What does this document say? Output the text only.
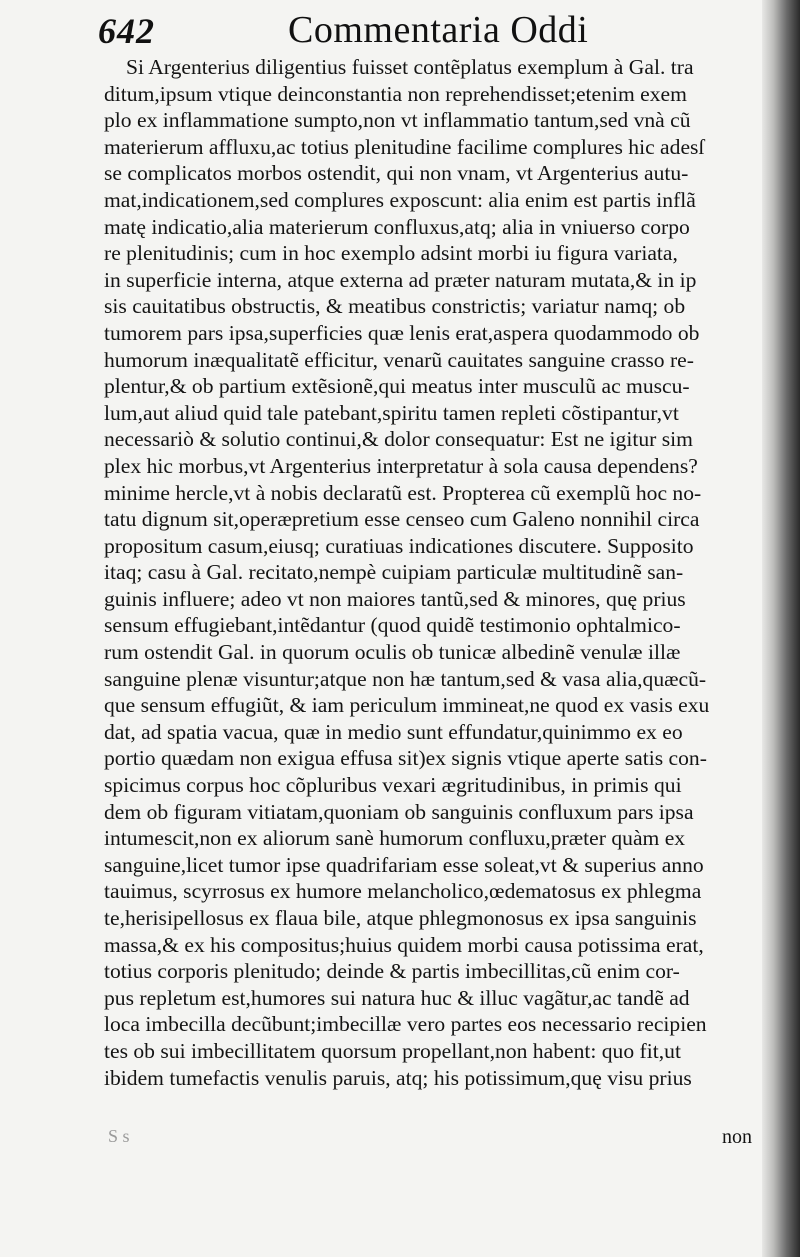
642	Commentaria Oddi
Si Argenterius diligentius fuisset contẽplatus exemplum à Gal. tra
ditum,ipsum vtique deinconstantia non reprehendisset;etenim exem
plo ex inflammatione sumpto,non vt inflammatio tantum,sed vnà cũ
materierum affluxu,ac totius plenitudine facilime complures hic adesſ
se complicatos morbos ostendit, qui non vnam, vt Argenterius autu-
mat,indicationem,sed complures exposcunt: alia enim est partis inflã
matę indicatio,alia materierum confluxus,atq; alia in vniuerso corpo
re plenitudinis; cum in hoc exemplo adsint morbi iu figura variata,
in superficie interna, atque externa ad præter naturam mutata,& in ip
sis cauitatibus obstructis, & meatibus constrictis; variatur namq; ob
tumorem pars ipsa,superficies quæ lenis erat,aspera quodammodo ob
humorum inæqualitatẽ efficitur, venarũ cauitates sanguine crasso re-
plentur,& ob partium extẽsionẽ,qui meatus inter musculũ ac muscu-
lum,aut aliud quid tale patebant,spiritu tamen repleti cõstipantur,vt
necessariò & solutio continui,& dolor consequatur: Est ne igitur sim
plex hic morbus,vt Argenterius interpretatur à sola causa dependens?
minime hercle,vt à nobis declaratũ est. Propterea cũ exemplũ hoc no-
tatu dignum sit,operæpretium esse censeo cum Galeno nonnihil circa
propositum casum,eiusq; curatiuas indicationes discutere. Supposito
itaq; casu à Gal. recitato,nempè cuipiam particulæ multitudinẽ san-
guinis influere; adeo vt non maiores tantũ,sed & minores, quę prius
sensum effugiebant,intẽdantur (quod quidẽ testimonio ophtalmico-
rum ostendit Gal. in quorum oculis ob tunicæ albedinẽ venulæ illæ
sanguine plenæ visuntur;atque non hæ tantum,sed & vasa alia,quæcũ-
que sensum effugiũt, & iam periculum immineat,ne quod ex vasis exu
dat, ad spatia vacua, quæ in medio sunt effundatur,quinimmo ex eo
portio quædam non exigua effusa sit)ex signis vtique aperte satis con-
spicimus corpus hoc cõpluribus vexari ægritudinibus, in primis qui
dem ob figuram vitiatam,quoniam ob sanguinis confluxum pars ipsa
intumescit,non ex aliorum sanè humorum confluxu,præter quàm ex
sanguine,licet tumor ipse quadrifariam esse soleat,vt & superius anno
tauimus, scyrrosus ex humore melancholico,œdematosus ex phlegma
te,herisipellosus ex flaua bile, atque phlegmonosus ex ipsa sanguinis
massa,& ex his compositus;huius quidem morbi causa potissima erat,
totius corporis plenitudo; deinde & partis imbecillitas,cũ enim cor-
pus repletum est,humores sui natura huc & illuc vagãtur,ac tandẽ ad
loca imbecilla decũbunt;imbecillæ vero partes eos necessario recipien
tes ob sui imbecillitatem quorsum propellant,non habent: quo fit,ut
ibidem tumefactis venulis paruis, atq; his potissimum,quę visu prius
S s	non
